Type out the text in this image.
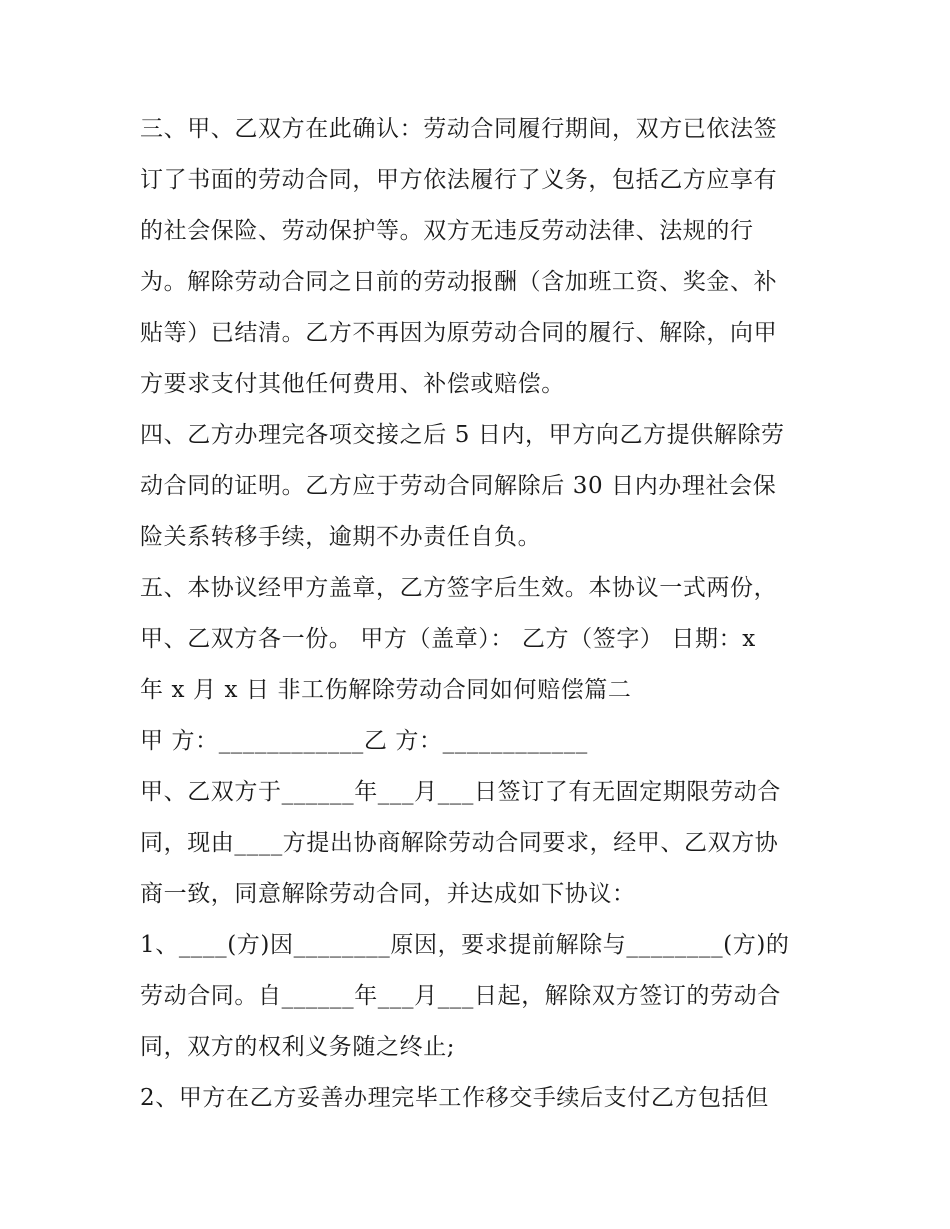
三、甲、乙双方在此确认：劳动合同履行期间，双方已依法签

订了书面的劳动合同，甲方依法履行了义务，包括乙方应享有

的社会保险、劳动保护等。双方无违反劳动法律、法规的行

为。解除劳动合同之日前的劳动报酬（含加班工资、奖金、补

贴等）已结清。乙方不再因为原劳动合同的履行、解除，向甲

方要求支付其他任何费用、补偿或赔偿。

四、乙方办理完各项交接之后 5 日内，甲方向乙方提供解除劳

动合同的证明。乙方应于劳动合同解除后 30 日内办理社会保

险关系转移手续，逾期不办责任自负。

五、本协议经甲方盖章，乙方签字后生效。本协议一式两份，

甲、乙双方各一份。 甲方（盖章）： 乙方（签字） 日期：x

年 x 月 x 日 非工伤解除劳动合同如何赔偿篇二

甲 方：____________乙 方：____________

甲、乙双方于______年___月___日签订了有无固定期限劳动合

同，现由____方提出协商解除劳动合同要求，经甲、乙双方协

商一致，同意解除劳动合同，并达成如下协议：

1、____(方)因________原因，要求提前解除与________(方)的

劳动合同。自______年___月___日起，解除双方签订的劳动合

同，双方的权利义务随之终止;

2、甲方在乙方妥善办理完毕工作移交手续后支付乙方包括但
